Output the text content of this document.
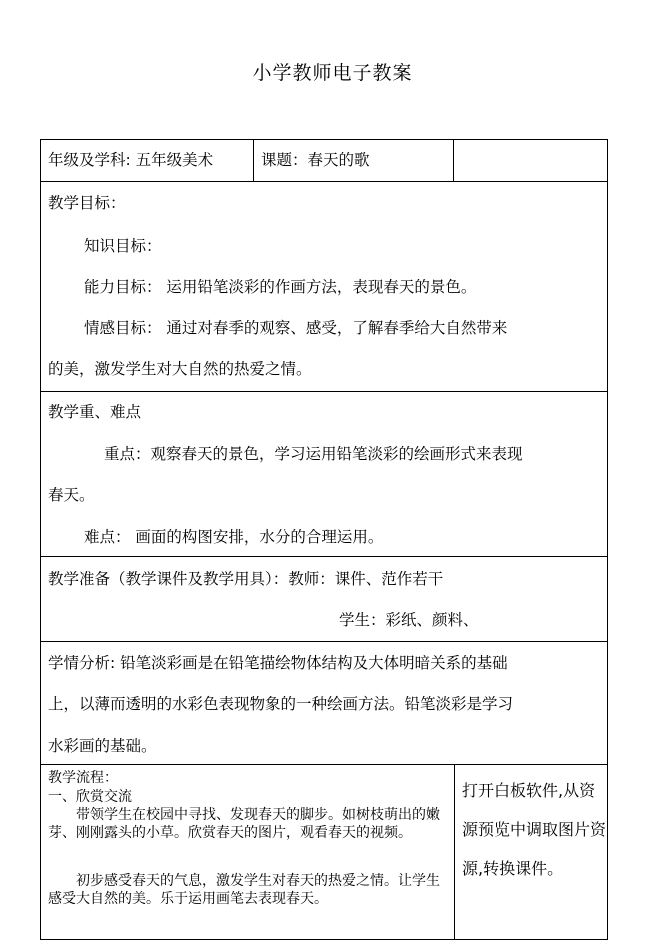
小学教师电子教案
年级及学科: 五年级美术	课题：春天的歌
教学目标：
知识目标：
能力目标： 运用铅笔淡彩的作画方法，表现春天的景色。
情感目标： 通过对春季的观察、感受，了解春季给大自然带来
的美，激发学生对大自然的热爱之情。
教学重、难点
重点：观察春天的景色，学习运用铅笔淡彩的绘画形式来表现
春天。
难点： 画面的构图安排，水分的合理运用。
教学准备（教学课件及教学用具）：教师：课件、范作若干
学生：彩纸、颜料、
学情分析: 铅笔淡彩画是在铅笔描绘物体结构及大体明暗关系的基础
上，以薄而透明的水彩色表现物象的一种绘画方法。铅笔淡彩是学习
水彩画的基础。
教学流程：
一、欣赏交流
带领学生在校园中寻找、发现春天的脚步。如树枝萌出的嫩芽、刚刚露头的小草。欣赏春天的图片，观看春天的视频。
初步感受春天的气息，激发学生对春天的热爱之情。让学生感受大自然的美。乐于运用画笔去表现春天。
打开白板软件,从资源预览中调取图片资源,转换课件。
